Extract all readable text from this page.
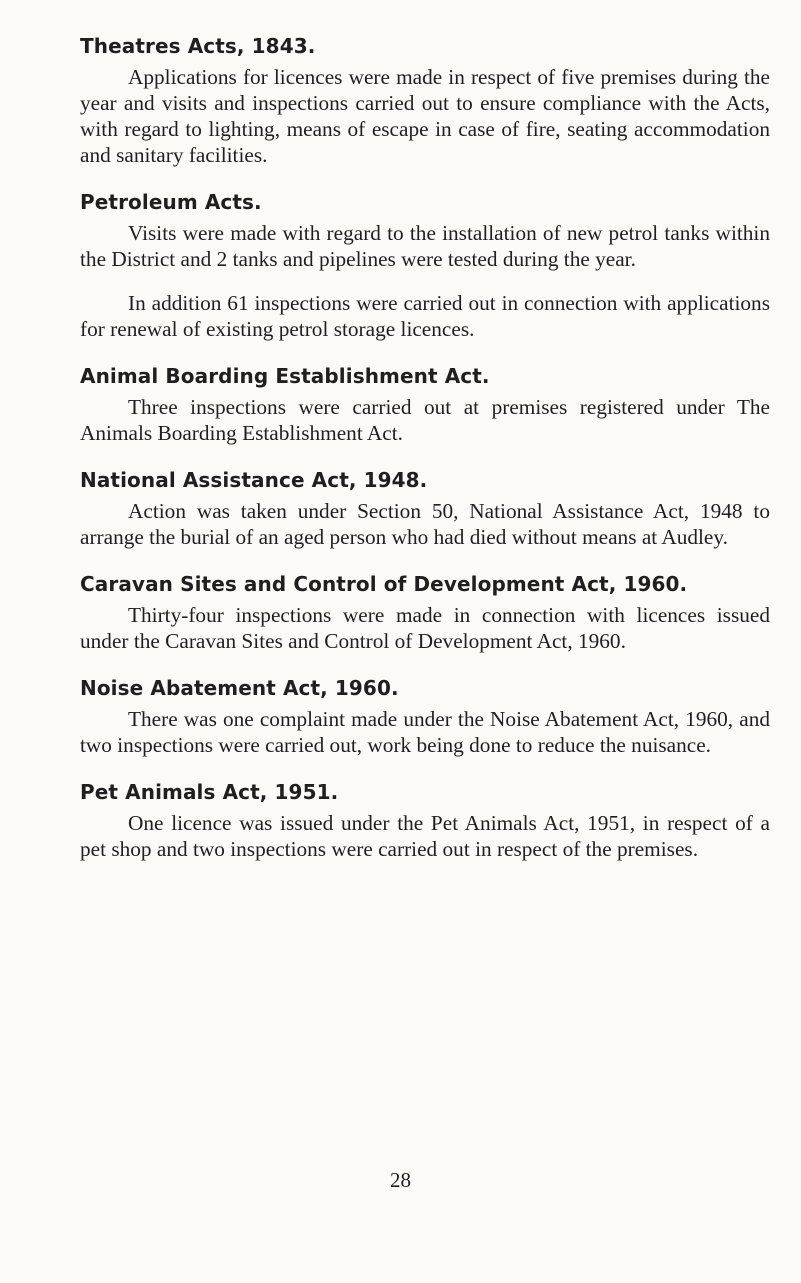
Theatres Acts, 1843.

Applications for licences were made in respect of five premises during the year and visits and inspections carried out to ensure compliance with the Acts, with regard to lighting, means of escape in case of fire, seating accommodation and sanitary facilities.

Petroleum Acts.

Visits were made with regard to the installation of new petrol tanks within the District and 2 tanks and pipelines were tested during the year.

In addition 61 inspections were carried out in connection with applications for renewal of existing petrol storage licences.

Animal Boarding Establishment Act.

Three inspections were carried out at premises registered under The Animals Boarding Establishment Act.

National Assistance Act, 1948.

Action was taken under Section 50, National Assistance Act, 1948 to arrange the burial of an aged person who had died without means at Audley.

Caravan Sites and Control of Development Act, 1960.

Thirty-four inspections were made in connection with licences issued under the Caravan Sites and Control of Development Act, 1960.

Noise Abatement Act, 1960.

There was one complaint made under the Noise Abatement Act, 1960, and two inspections were carried out, work being done to reduce the nuisance.

Pet Animals Act, 1951.

One licence was issued under the Pet Animals Act, 1951, in respect of a pet shop and two inspections were carried out in respect of the premises.

28
